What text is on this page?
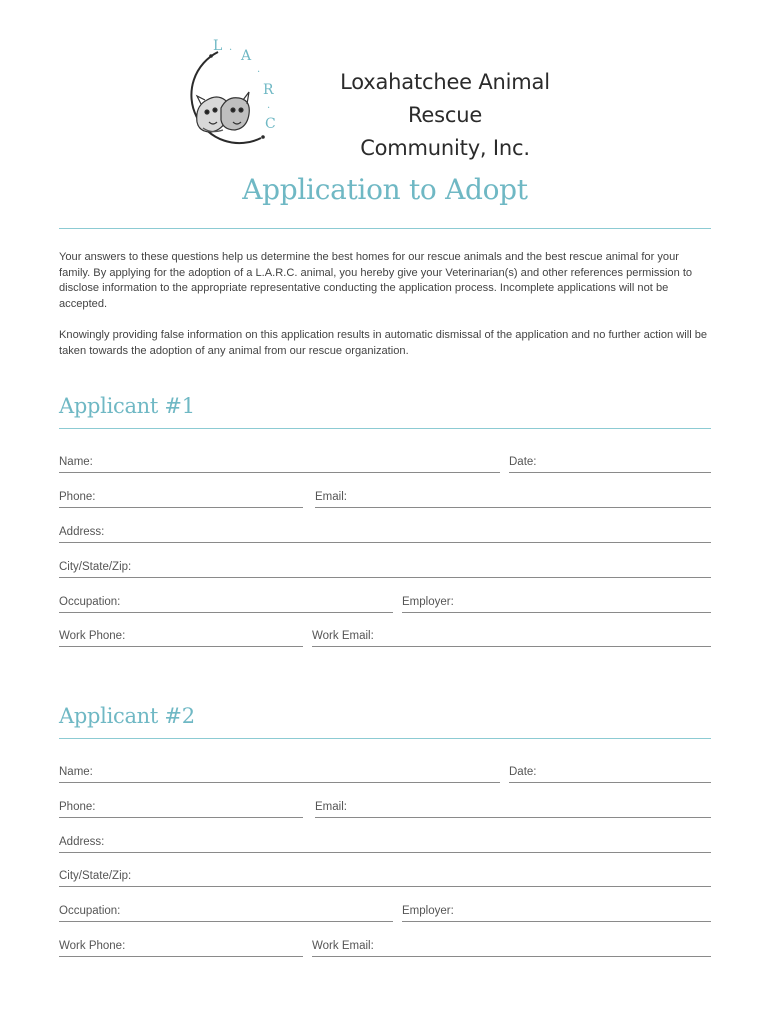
L .
A
.
R
.
C
Loxahatchee Animal Rescue
Community, Inc.
Application to Adopt
Your answers to these questions help us determine the best homes for our rescue animals and the best rescue animal for your family. By applying for the adoption of a L.A.R.C. animal, you hereby give your Veterinarian(s) and other references permission to disclose information to the appropriate representative conducting the application process. Incomplete applications will not be accepted.
Knowingly providing false information on this application results in automatic dismissal of the application and no further action will be taken towards the adoption of any animal from our rescue organization.
Applicant #1
Name:	Date:
Phone:	Email:
Address:
City/State/Zip:
Occupation:	Employer:
Work Phone:	Work Email:
Applicant #2
Name:	Date:
Phone:	Email:
Address:
City/State/Zip:
Occupation:	Employer:
Work Phone:	Work Email:
